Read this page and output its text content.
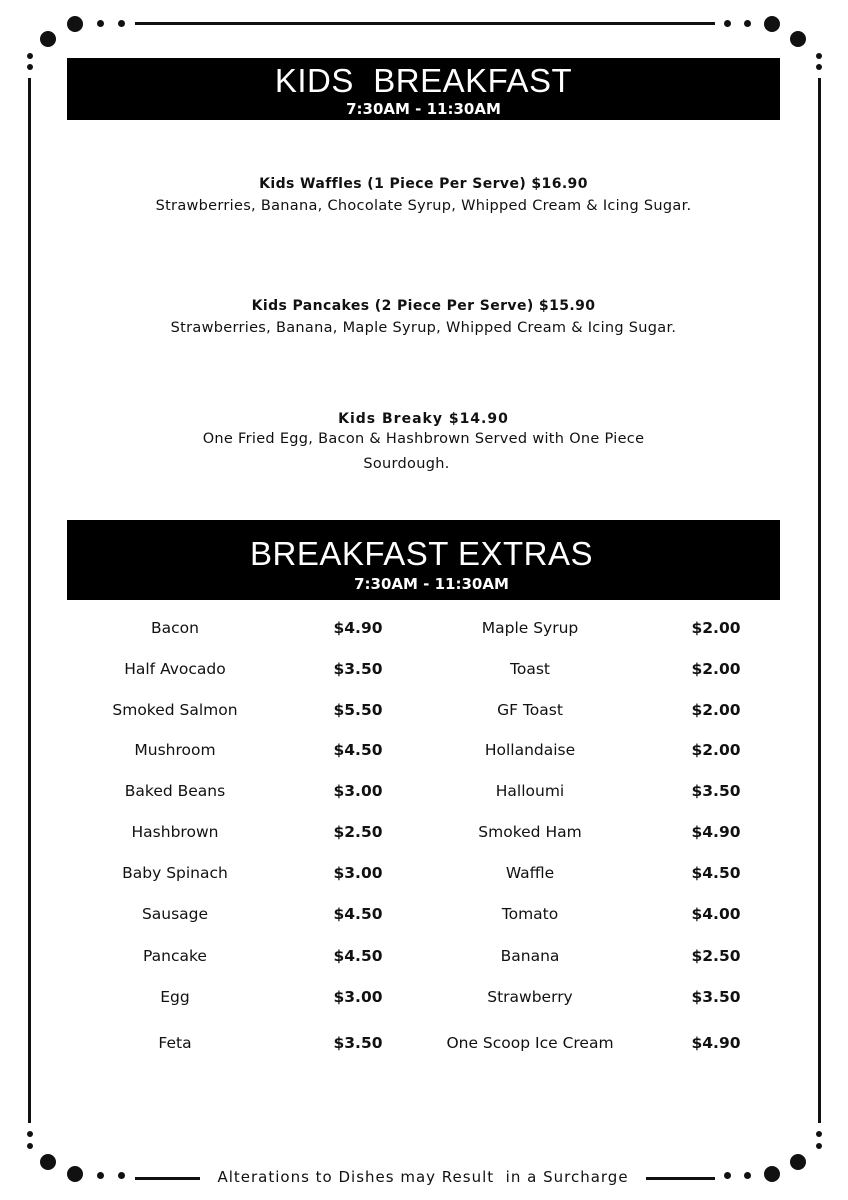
KIDS  BREAKFAST
7:30AM - 11:30AM
Kids Waffles (1 Piece Per Serve) $16.90
Strawberries, Banana, Chocolate Syrup, Whipped Cream & Icing Sugar.
Kids Pancakes (2 Piece Per Serve) $15.90
Strawberries, Banana, Maple Syrup, Whipped Cream & Icing Sugar.
Kids Breaky $14.90
One Fried Egg, Bacon & Hashbrown Served with One Piece
Sourdough.
BREAKFAST EXTRAS
7:30AM - 11:30AM
Bacon	$4.90	Maple Syrup	$2.00
Half Avocado	$3.50	Toast	$2.00
Smoked Salmon	$5.50	GF Toast	$2.00
Mushroom	$4.50	Hollandaise	$2.00
Baked Beans	$3.00	Halloumi	$3.50
Hashbrown	$2.50	Smoked Ham	$4.90
Baby Spinach	$3.00	Waffle	$4.50
Sausage	$4.50	Tomato	$4.00
Pancake	$4.50	Banana	$2.50
Egg	$3.00	Strawberry	$3.50
Feta	$3.50	One Scoop Ice Cream	$4.90
Alterations to Dishes may Result  in a Surcharge
